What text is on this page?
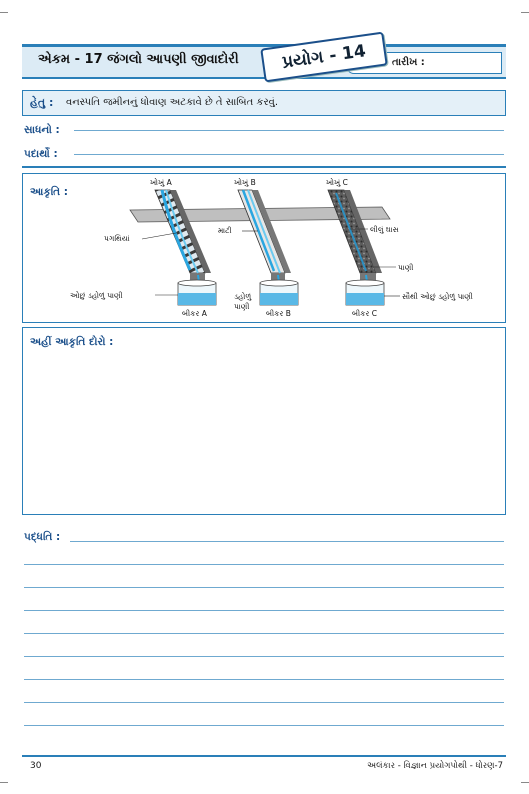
એકમ - 17 જંગલો આપણી જીવાદોરી	તારીખ :
પ્રયોગ - 14
હેતુ : વનસ્પતિ જમીનનું ધોવાણ અટકાવે છે તે સાબિત કરવું.
સાધનો :
પદાર્થો :
આકૃતિ :
ખોખું A	ખોખું B	ખોખું C
પગથિયાં
માટી	લીલું ઘાસ
પાણી
ઓછું ડહોળું પાણી	ડહોળું
પાણી
સૌથી ઓછું ડહોળું પાણી
બીકર A	બીકર B	બીકર C
અહીં આકૃતિ દોરો :
પદ્ધતિ :
30	અલંકાર - વિજ્ઞાન પ્રયોગપોથી - ધોરણ-7
